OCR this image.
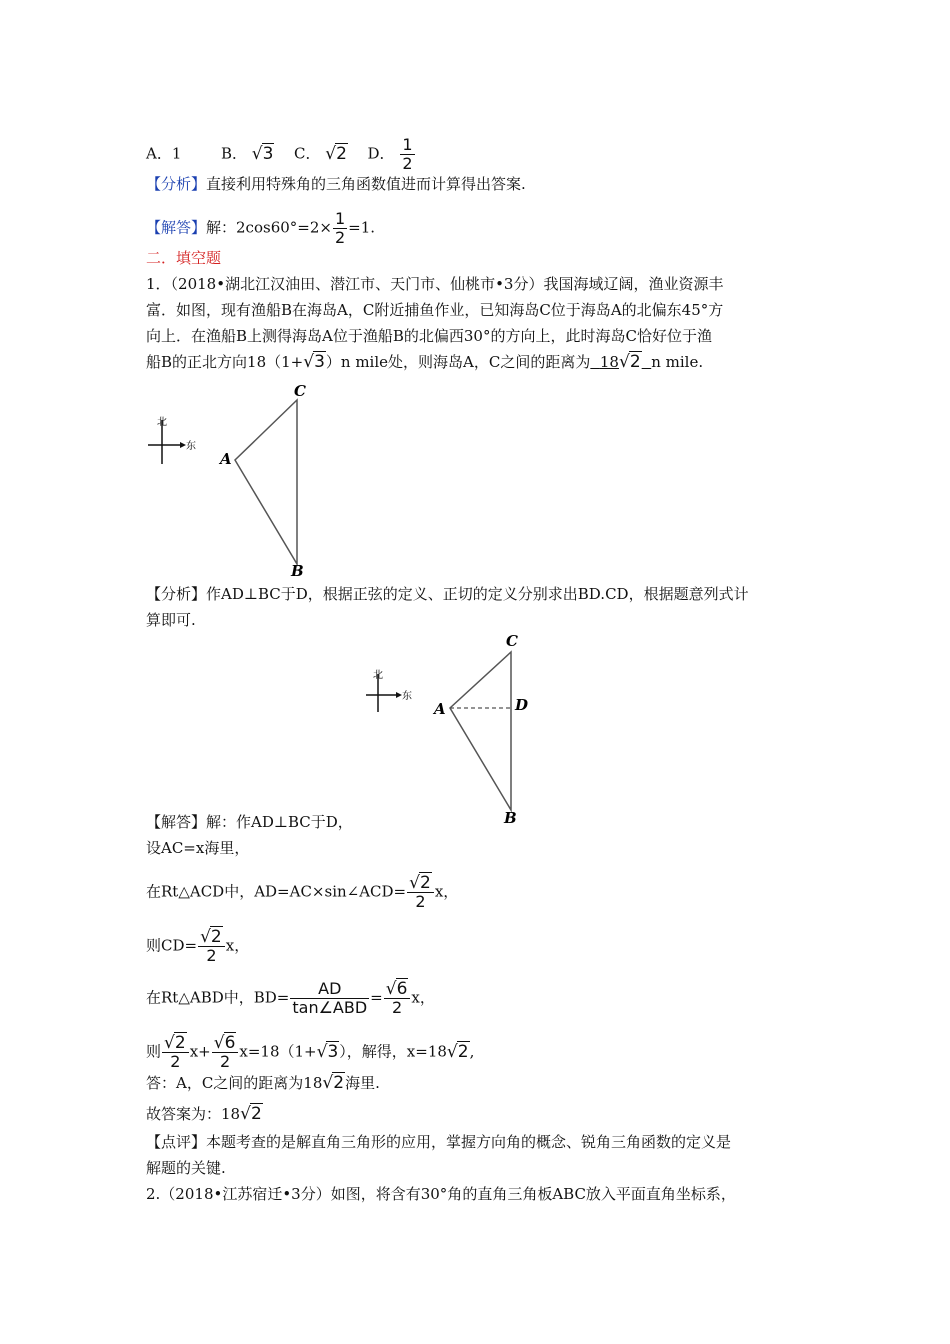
A．1	B． √3 C． √2 D． $\frac{1}{2}$
【分析】直接利用特殊角的三角函数值进而计算得出答案.
【解答】解：$2\cos 60^\circ=2\times \frac{1}{2} =1$.
二．填空题
1．（2018•湖北江汉油田、潜江市、天门市、仙桃市•3分）我国海域辽阔，渔业资源丰
富．如图，现有渔船B在海岛A，C附近捕鱼作业，已知海岛C位于海岛A的北偏东45°方
向上．在渔船B上测得海岛A位于渔船B的北偏西30°的方向上，此时海岛C恰好位于渔
船B的正北方向18（1+√3）n mile处，则海岛A，C之间的距离为 18√2 n mile.
北
东
C
A
B
【分析】作AD⊥BC于D，根据正弦的定义、正切的定义分别求出BD.CD，根据题意列式计
算即可.
北
东
C
A	D
B
【解答】解：作AD⊥BC于D，
设AC=x海里，
在Rt△ACD中，AD=AC×sin∠ACD= $\frac{√2}{2}$ x，
则$CD= \frac{√2}{2}$ x，
在Rt△ABD中，$BD= \frac{AD}{\text{tan∠ABD}} = \frac{√6}{2}$ x，
则 $\frac{√2}{2} x+ \frac{√6}{2} x=18(1+√3)$，解得，x=18√2,
答：A，C之间的距离为18√2海里.
故答案为：18√2
【点评】本题考查的是解直角三角形的应用，掌握方向角的概念、锐角三角函数的定义是
解题的关键.
2.（2018•江苏宿迁•3分）如图，将含有30°角的直角三角板ABC放入平面直角坐标系，
